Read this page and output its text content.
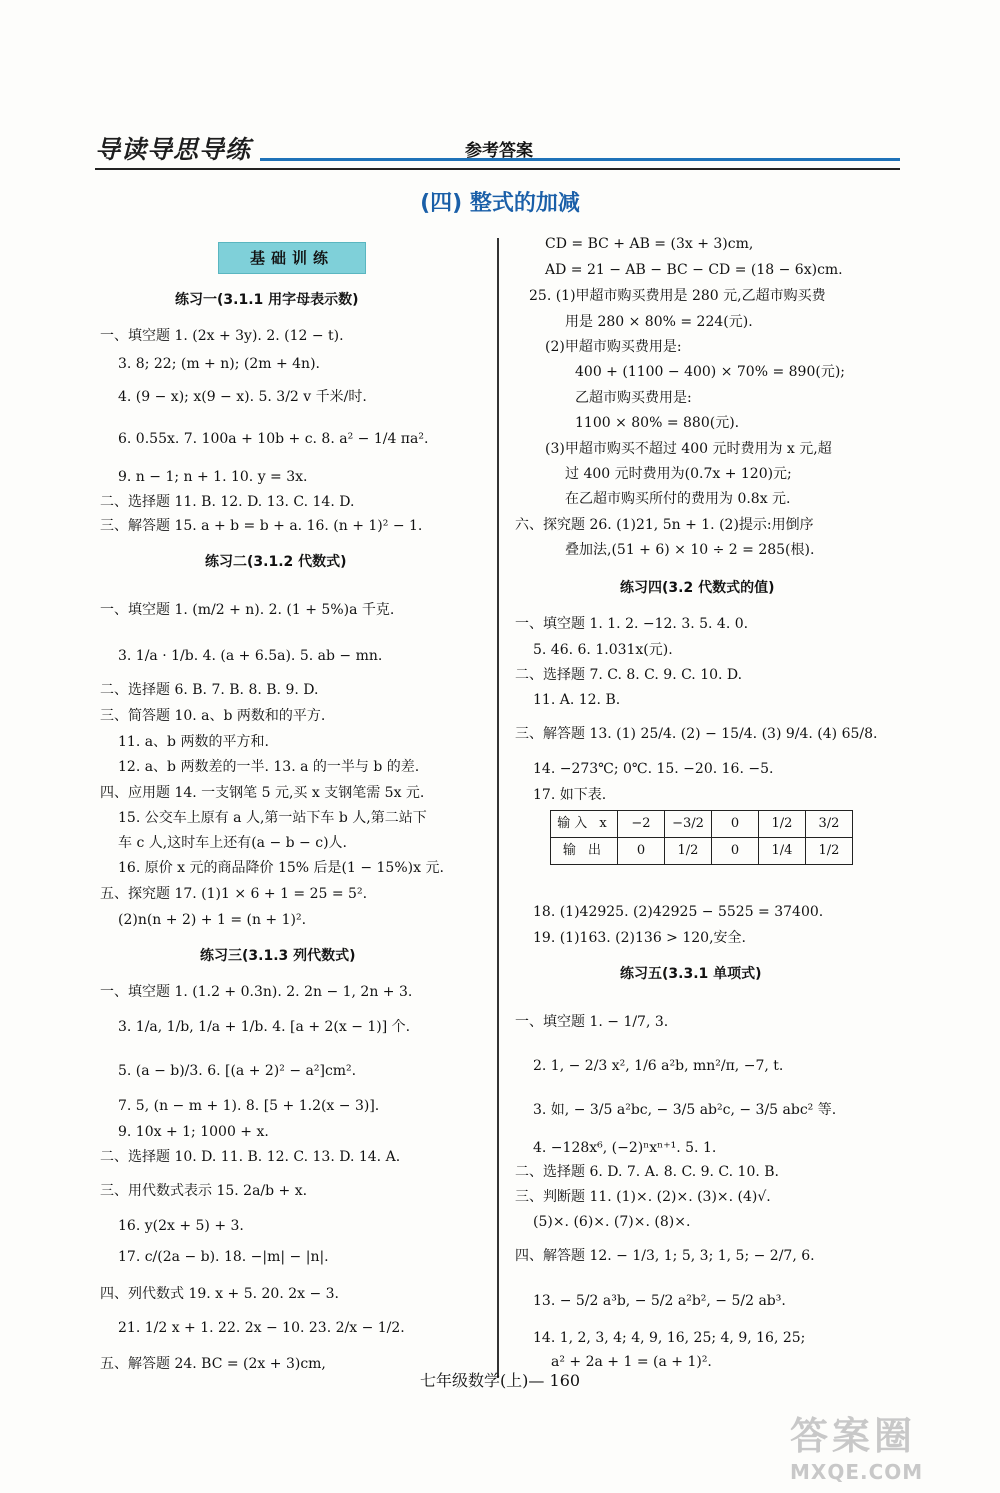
导读导思导练	参考答案
(四) 整式的加减
基础训练
练习一(3.1.1 用字母表示数)
一、填空题 1. (2x + 3y). 2. (12 − t).
3. 8; 22; (m + n); (2m + 4n).
4. (9 − x); x(9 − x). 5. 3/2 v 千米/时.
6. 0.55x. 7. 100a + 10b + c. 8. a² − 1/4 πa².
9. n − 1; n + 1. 10. y = 3x.
二、选择题 11. B. 12. D. 13. C. 14. D.
三、解答题 15. a + b = b + a. 16. (n + 1)² − 1.
练习二(3.1.2 代数式)
一、填空题 1. (m/2 + n). 2. (1 + 5%)a 千克.
3. 1/a · 1/b. 4. (a + 6.5a). 5. ab − mn.
二、选择题 6. B. 7. B. 8. B. 9. D.
三、简答题 10. a、b 两数和的平方.
11. a、b 两数的平方和.
12. a、b 两数差的一半. 13. a 的一半与 b 的差.
四、应用题 14. 一支钢笔 5 元,买 x 支钢笔需 5x 元.
15. 公交车上原有 a 人,第一站下车 b 人,第二站下
车 c 人,这时车上还有(a − b − c)人.
16. 原价 x 元的商品降价 15% 后是(1 − 15%)x 元.
五、探究题 17. (1)1 × 6 + 1 = 25 = 5².
(2)n(n + 2) + 1 = (n + 1)².
练习三(3.1.3 列代数式)
一、填空题 1. (1.2 + 0.3n). 2. 2n − 1, 2n + 3.
3. 1/a, 1/b, 1/a + 1/b. 4. [a + 2(x − 1)] 个.
5. (a − b)/3. 6. [(a + 2)² − a²]cm².
7. 5, (n − m + 1). 8. [5 + 1.2(x − 3)].
9. 10x + 1; 1000 + x.
二、选择题 10. D. 11. B. 12. C. 13. D. 14. A.
三、用代数式表示 15. 2a/b + x.
16. y(2x + 5) + 3.
17. c/(2a − b). 18. −|m| − |n|.
四、列代数式 19. x + 5. 20. 2x − 3.
21. 1/2 x + 1. 22. 2x − 10. 23. 2/x − 1/2.
五、解答题 24. BC = (2x + 3)cm,
CD = BC + AB = (3x + 3)cm,
AD = 21 − AB − BC − CD = (18 − 6x)cm.
25. (1)甲超市购买费用是 280 元,乙超市购买费
用是 280 × 80% = 224(元).
(2)甲超市购买费用是:
400 + (1100 − 400) × 70% = 890(元);
乙超市购买费用是:
1100 × 80% = 880(元).
(3)甲超市购买不超过 400 元时费用为 x 元,超
过 400 元时费用为(0.7x + 120)元;
在乙超市购买所付的费用为 0.8x 元.
六、探究题 26. (1)21, 5n + 1. (2)提示:用倒序
叠加法,(51 + 6) × 10 ÷ 2 = 285(根).
练习四(3.2 代数式的值)
一、填空题 1. 1. 2. −12. 3. 5. 4. 0.
5. 46. 6. 1.031x(元).
二、选择题 7. C. 8. C. 9. C. 10. D.
11. A. 12. B.
三、解答题 13. (1) 25/4. (2) − 15/4. (3) 9/4. (4) 65/8.
14. −273℃; 0℃. 15. −20. 16. −5.
17. 如下表.
输入 x	−2	−3/2	0	1/2	3/2
输 出	0	1/2	0	1/4	1/2
18. (1)42925. (2)42925 − 5525 = 37400.
19. (1)163. (2)136 > 120,安全.
练习五(3.3.1 单项式)
一、填空题 1. − 1/7, 3.
2. 1, − 2/3 x², 1/6 a²b, mn²/π, −7, t.
3. 如, − 3/5 a²bc, − 3/5 ab²c, − 3/5 abc² 等.
4. −128x⁶, (−2)ⁿxⁿ⁺¹. 5. 1.
二、选择题 6. D. 7. A. 8. C. 9. C. 10. B.
三、判断题 11. (1)×. (2)×. (3)×. (4)√.
(5)×. (6)×. (7)×. (8)×.
四、解答题 12. − 1/3, 1; 5, 3; 1, 5; − 2/7, 6.
13. − 5/2 a³b, − 5/2 a²b², − 5/2 ab³.
14. 1, 2, 3, 4; 4, 9, 16, 25; 4, 9, 16, 25;
a² + 2a + 1 = (a + 1)².
七年级数学(上)— 160
答案圈
MXQE.COM
